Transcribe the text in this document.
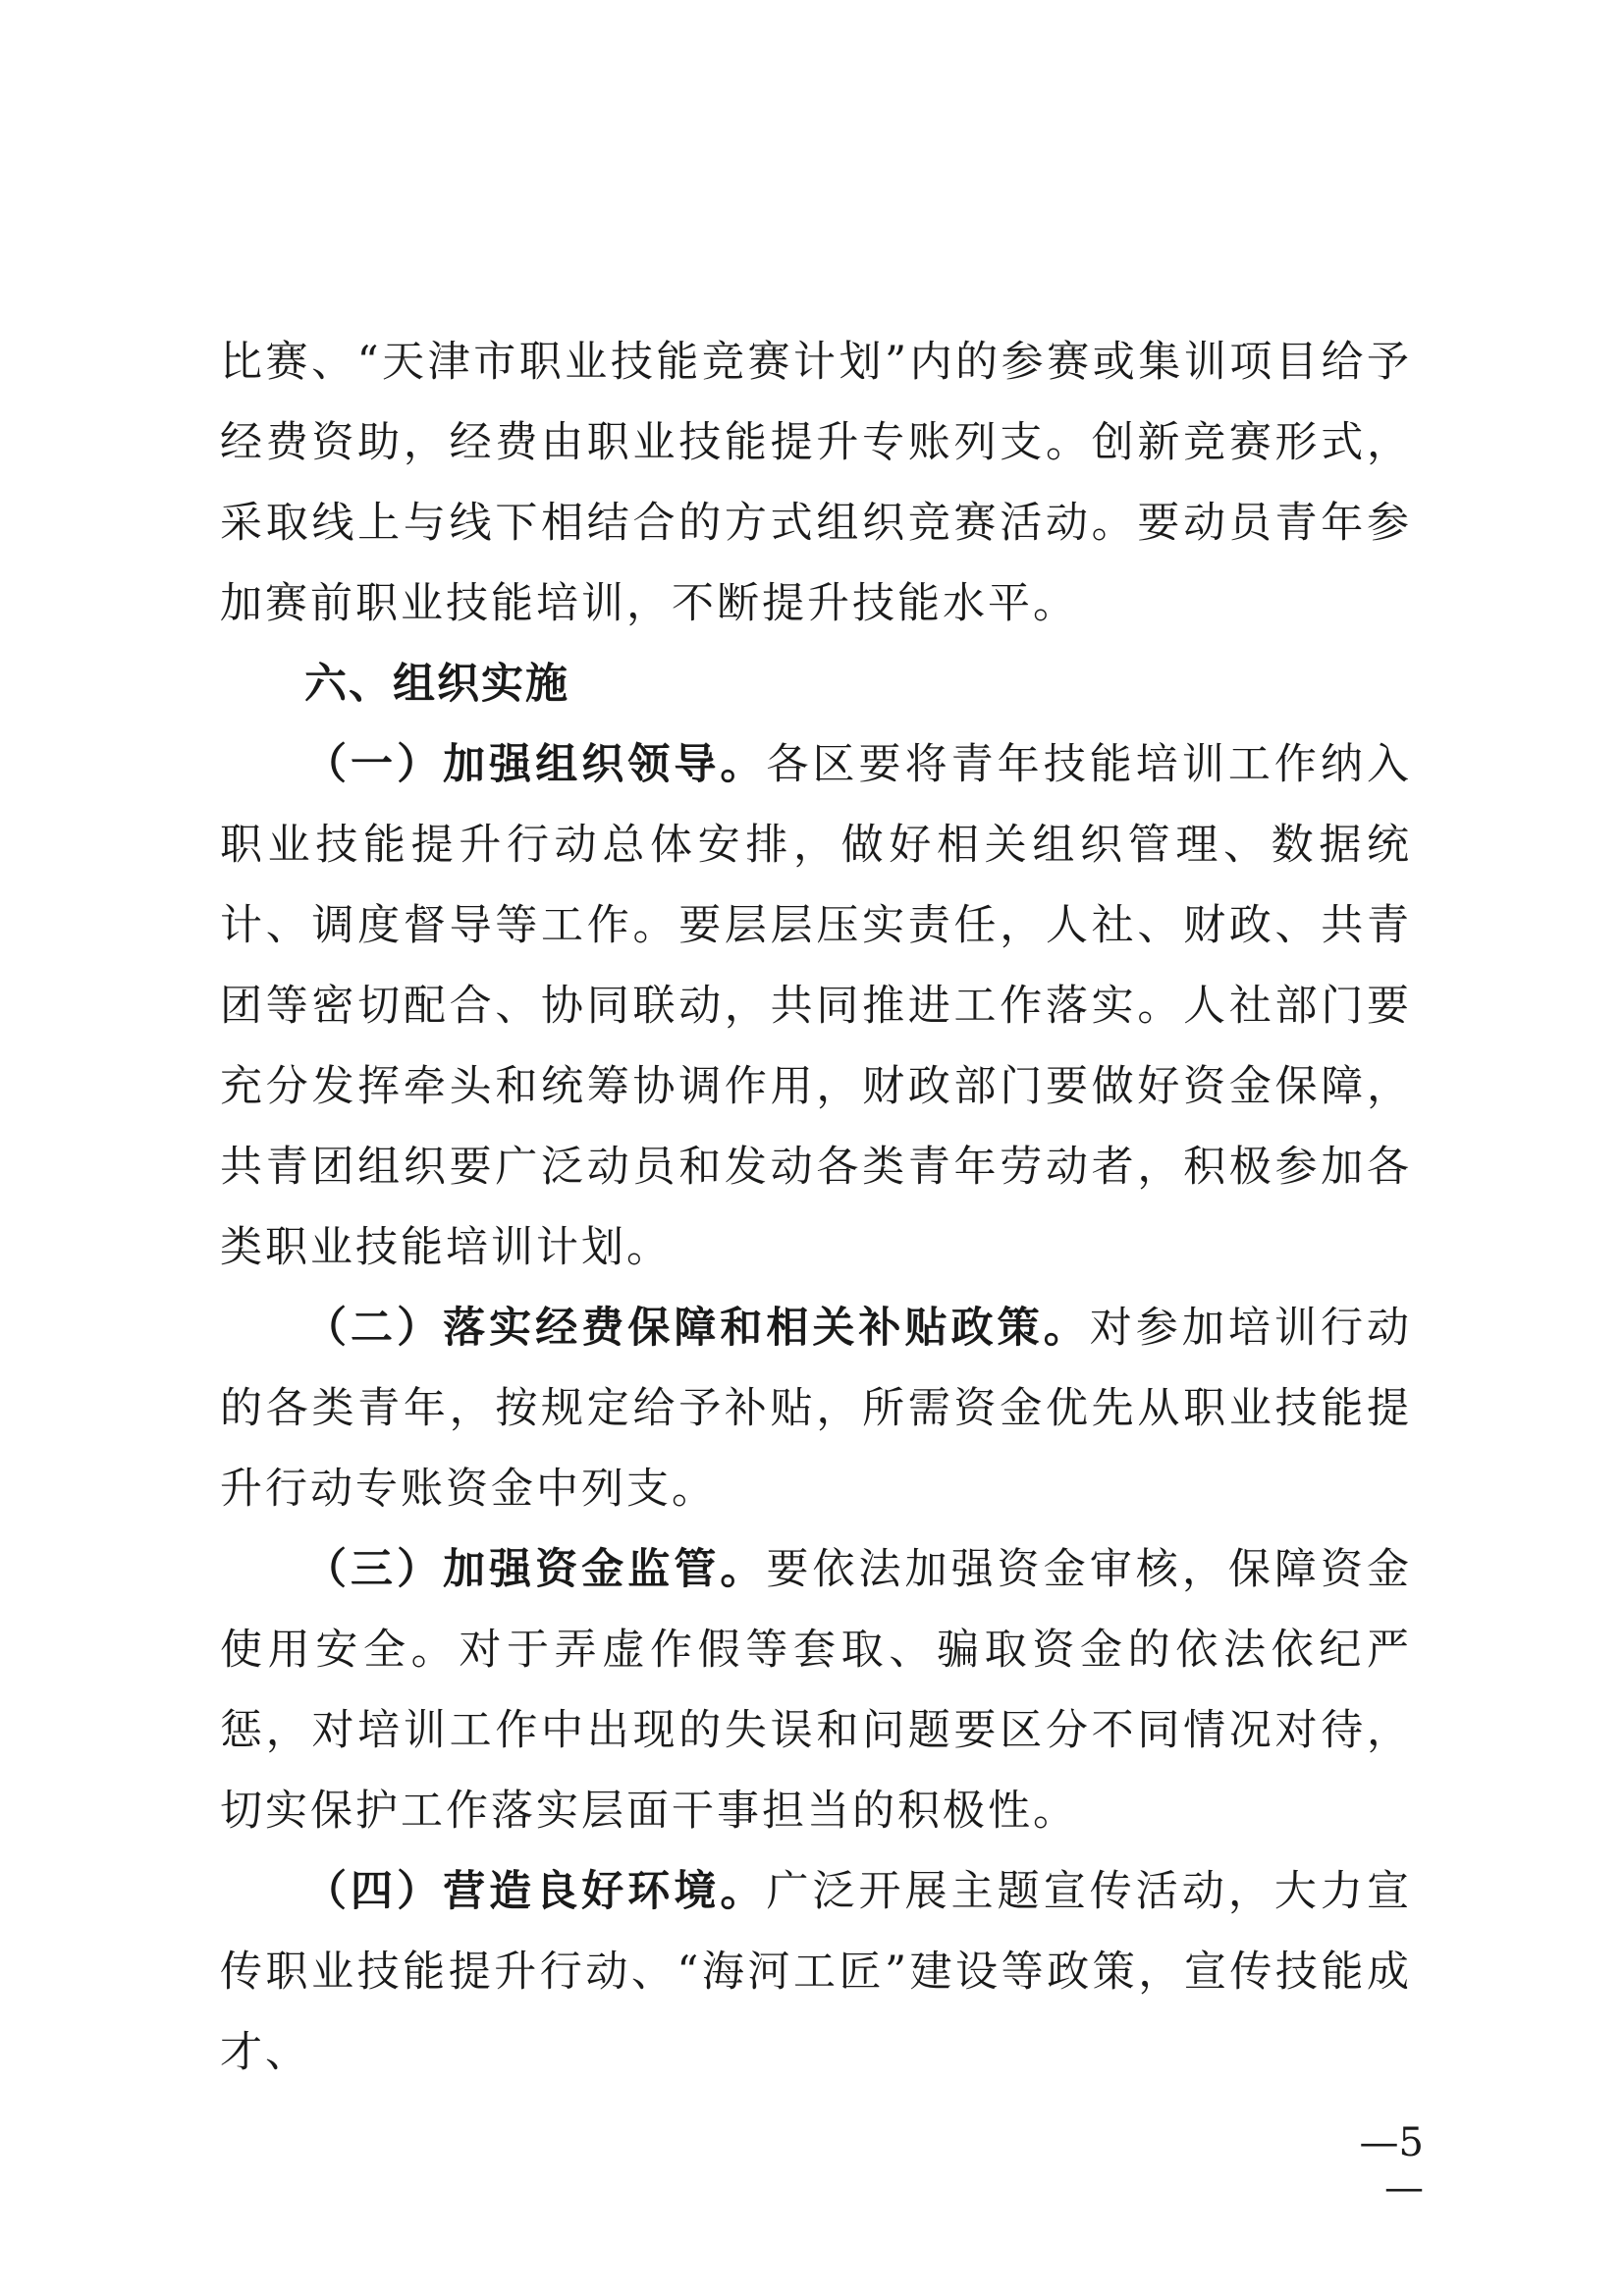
比赛、“天津市职业技能竞赛计划”内的参赛或集训项目给予经费资助，经费由职业技能提升专账列支。创新竞赛形式，采取线上与线下相结合的方式组织竞赛活动。要动员青年参加赛前职业技能培训，不断提升技能水平。

六、组织实施

（一）加强组织领导。各区要将青年技能培训工作纳入职业技能提升行动总体安排，做好相关组织管理、数据统计、调度督导等工作。要层层压实责任，人社、财政、共青团等密切配合、协同联动，共同推进工作落实。人社部门要充分发挥牵头和统筹协调作用，财政部门要做好资金保障，共青团组织要广泛动员和发动各类青年劳动者，积极参加各类职业技能培训计划。

（二）落实经费保障和相关补贴政策。对参加培训行动的各类青年，按规定给予补贴，所需资金优先从职业技能提升行动专账资金中列支。

（三）加强资金监管。要依法加强资金审核，保障资金使用安全。对于弄虚作假等套取、骗取资金的依法依纪严惩，对培训工作中出现的失误和问题要区分不同情况对待，切实保护工作落实层面干事担当的积极性。

（四）营造良好环境。广泛开展主题宣传活动，大力宣传职业技能提升行动、“海河工匠”建设等政策，宣传技能成才、

—5—
